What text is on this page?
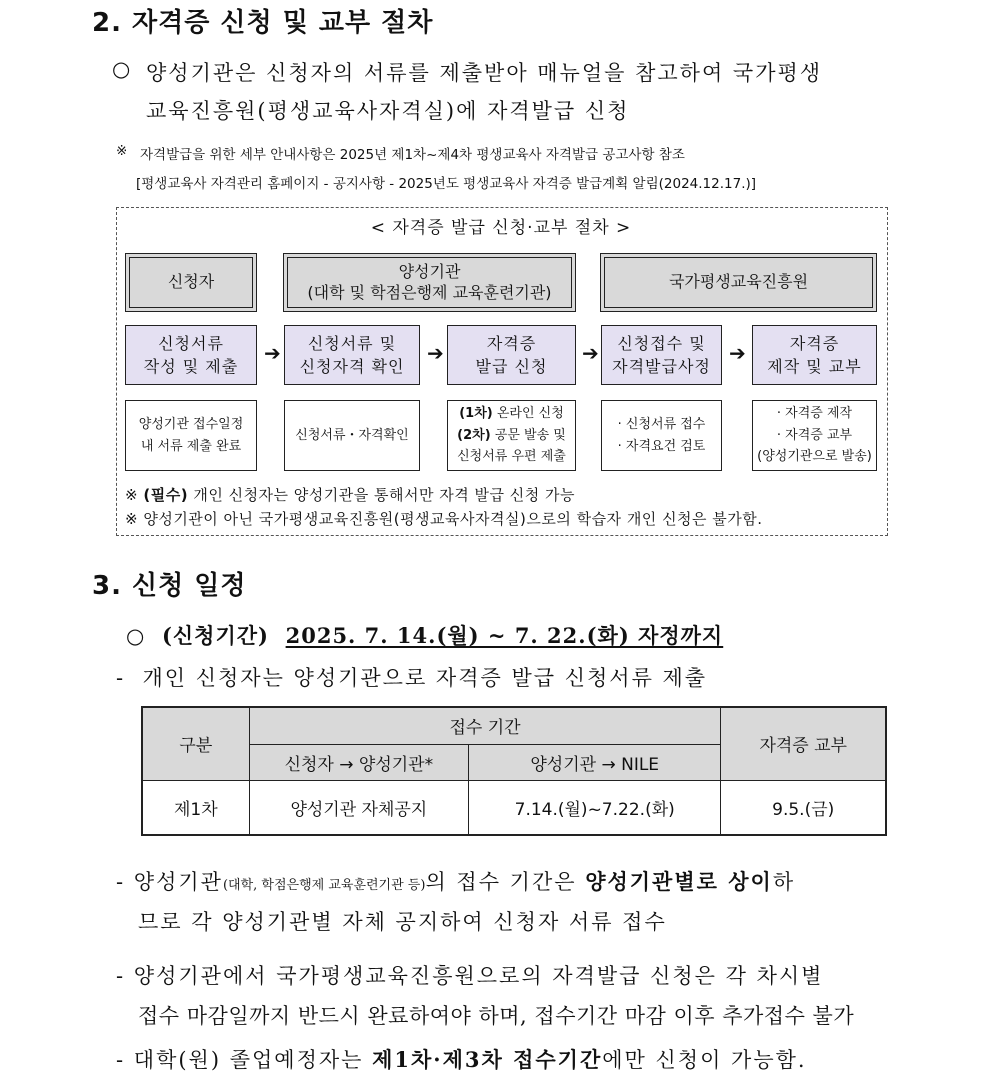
2. 자격증 신청 및 교부 절차
○ 양성기관은 신청자의 서류를 제출받아 매뉴얼을 참고하여 국가평생
교육진흥원(평생교육사자격실)에 자격발급 신청
※ 자격발급을 위한 세부 안내사항은 2025년 제1차~제4차 평생교육사 자격발급 공고사항 참조
[평생교육사 자격관리 홈페이지 - 공지사항 - 2025년도 평생교육사 자격증 발급계획 알림(2024.12.17.)]
< 자격증 발급 신청·교부 절차 >
신청자
양성기관
(대학 및 학점은행제 교육훈련기관)
국가평생교육진흥원
신청서류
작성 및 제출
➔ 신청서류 및
신청자격 확인
➔	자격증
발급 신청
➔ 신청접수 및
자격발급사정
➔	자격증
제작 및 교부
양성기관 접수일정
내 서류 제출 완료
신청서류・자격확인
(1차) 온라인 신청
(2차) 공문 발송 및
신청서류 우편 제출
· 신청서류 접수
· 자격요건 검토
· 자격증 제작
· 자격증 교부
(양성기관으로 발송)
※ (필수) 개인 신청자는 양성기관을 통해서만 자격 발급 신청 가능
※ 양성기관이 아닌 국가평생교육진흥원(평생교육사자격실)으로의 학습자 개인 신청은 불가함.
3. 신청 일정
○ (신청기간) 2025. 7. 14.(월) ~ 7. 22.(화) 자정까지
- 개인 신청자는 양성기관으로 자격증 발급 신청서류 제출
구분	접수 기간		자격증 교부
	신청자 → 양성기관*	양성기관 → NILE	
제1차	양성기관 자체공지	7.14.(월)~7.22.(화)	9.5.(금)
- 양성기관(대학, 학점은행제 교육훈련기관 등)의 접수 기간은 양성기관별로 상이하
므로 각 양성기관별 자체 공지하여 신청자 서류 접수
- 양성기관에서 국가평생교육진흥원으로의 자격발급 신청은 각 차시별
접수 마감일까지 반드시 완료하여야 하며, 접수기간 마감 이후 추가접수 불가
- 대학(원) 졸업예정자는 제1차·제3차 접수기간에만 신청이 가능함.
